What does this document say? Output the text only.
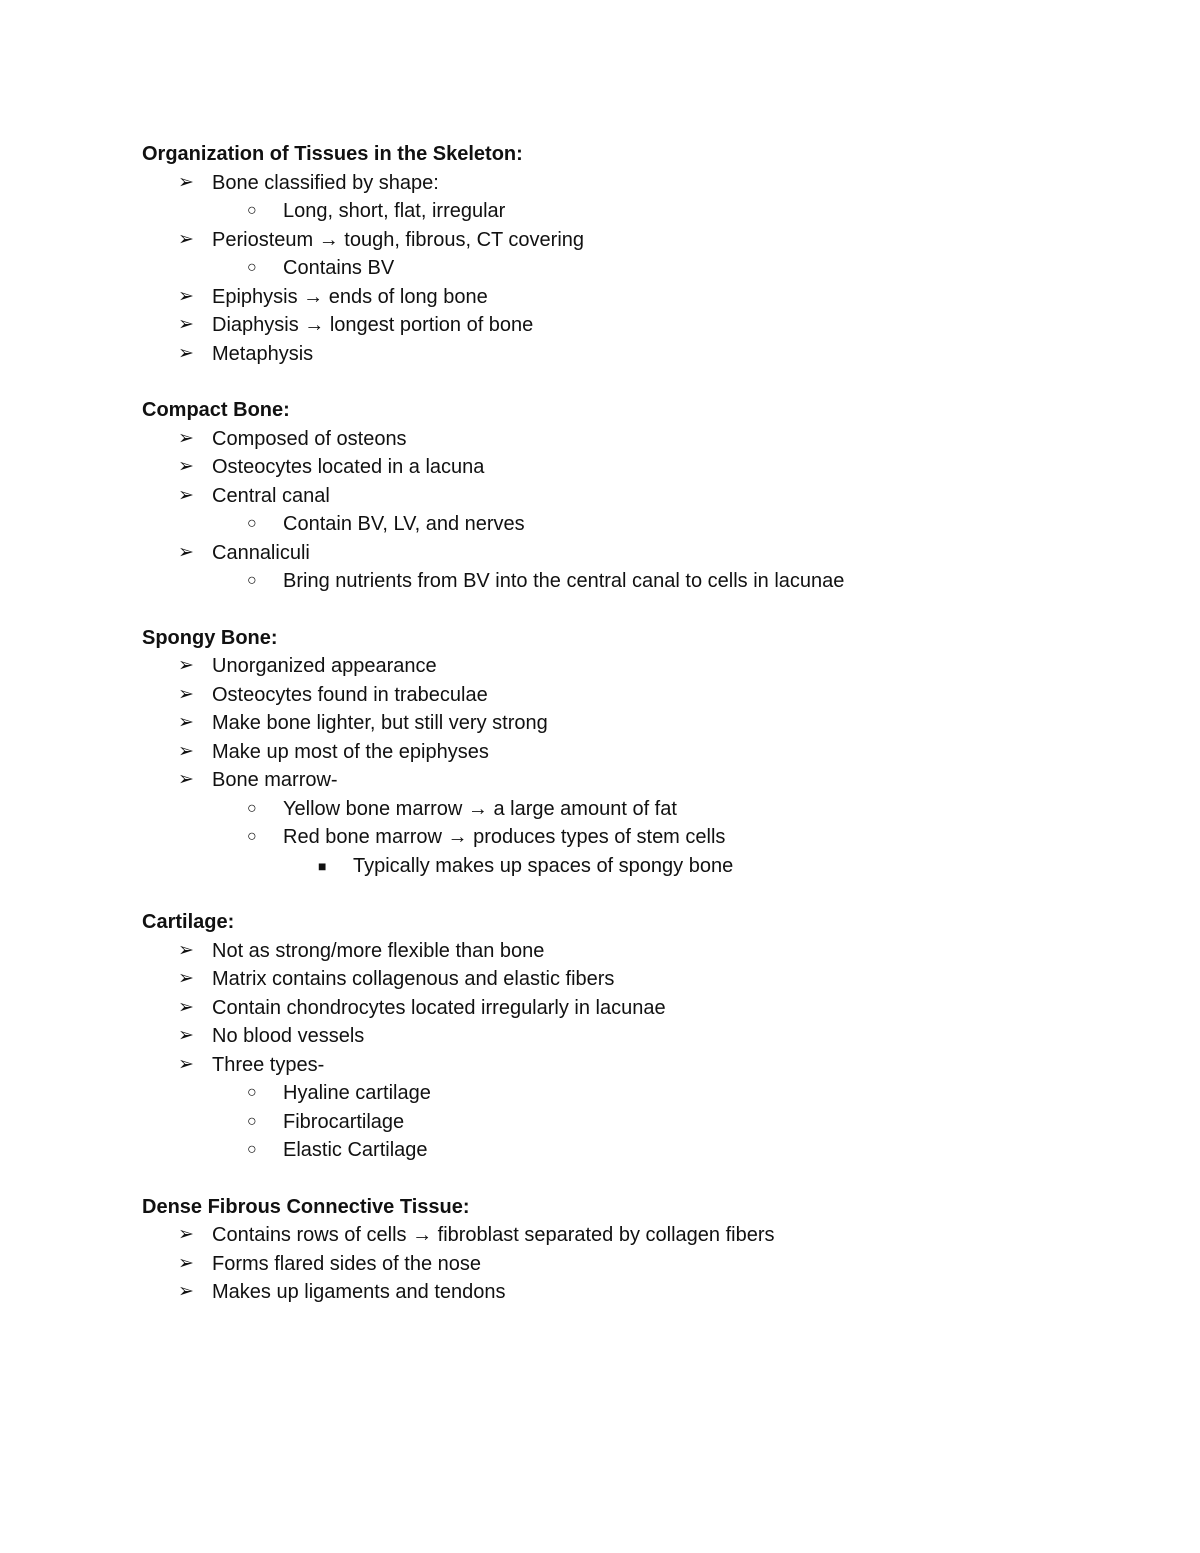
Organization of Tissues in the Skeleton:
➢ Bone classified by shape:
○ Long, short, flat, irregular
➢ Periosteum → tough, fibrous, CT covering
○ Contains BV
➢ Epiphysis → ends of long bone
➢ Diaphysis → longest portion of bone
➢ Metaphysis
Compact Bone:
➢ Composed of osteons
➢ Osteocytes located in a lacuna
➢ Central canal
○ Contain BV, LV, and nerves
➢ Cannaliculi
○ Bring nutrients from BV into the central canal to cells in lacunae
Spongy Bone:
➢ Unorganized appearance
➢ Osteocytes found in trabeculae
➢ Make bone lighter, but still very strong
➢ Make up most of the epiphyses
➢ Bone marrow-
○ Yellow bone marrow → a large amount of fat
○ Red bone marrow → produces types of stem cells
■ Typically makes up spaces of spongy bone
Cartilage:
➢ Not as strong/more flexible than bone
➢ Matrix contains collagenous and elastic fibers
➢ Contain chondrocytes located irregularly in lacunae
➢ No blood vessels
➢ Three types-
○ Hyaline cartilage
○ Fibrocartilage
○ Elastic Cartilage
Dense Fibrous Connective Tissue:
➢ Contains rows of cells → fibroblast separated by collagen fibers
➢ Forms flared sides of the nose
➢ Makes up ligaments and tendons
